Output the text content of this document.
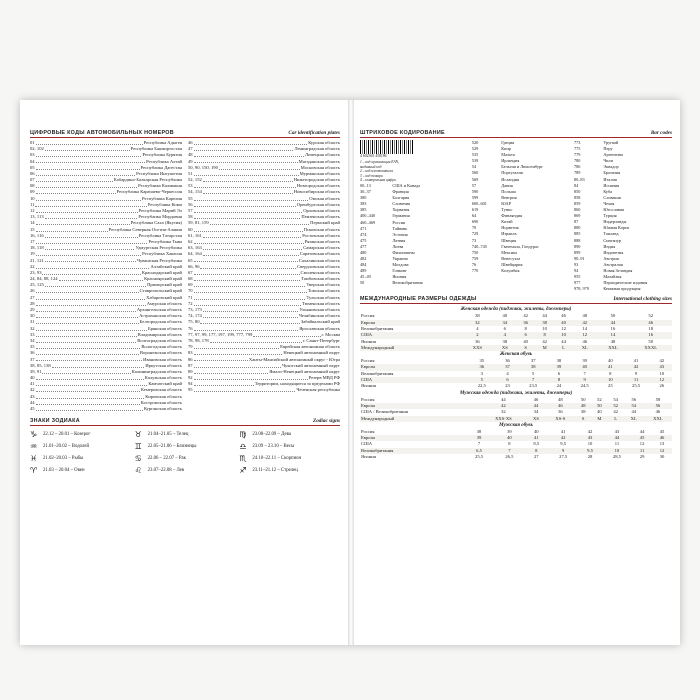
ЦИФРОВЫЕ КОДЫ АВТОМОБИЛЬНЫХ НОМЕРОВ	Car identification plates
01	Республика Адыгея
02, 102	Республика Башкортостан
03	Республика Бурятия
04	Республика Алтай
05	Республика Дагестан
06	Республика Ингушетия
07	Кабардино-Балкарская Республика
08	Республика Калмыкия
09	Республика Карачаево-Черкессия
10	Республика Карелия
11	Республика Коми
12	Республика Марий Эл
13, 113	Республика Мордовия
14	Республика Саха (Якутия)
15	Республика Северная Осетия-Алания
16, 116	Республика Татарстан
17	Республика Тыва
18, 118	Удмуртская Республика
19	Республика Хакасия
21, 121	Чувашская Республика
22	Алтайский край
23, 93	Краснодарский край
24, 84, 88, 124	Красноярский край
25, 125	Приморский край
26	Ставропольский край
27	Хабаровский край
28	Амурская область
29	Архангельская область
30	Астраханская область
31	Белгородская область
32	Брянская область
33	Владимирская область
34	Волгоградская область
35	Вологодская область
36	Воронежская область
37	Ивановская область
38, 85, 138	Иркутская область
39, 91	Калининградская область
40	Калужская область
41	Камчатский край
42	Кемеровская область
43	Кировская область
44	Костромская область
45	Курганская область
46	Курская область
47	Ленинградская область
48	Липецкая область
49	Магаданская область
50, 90, 150, 190	Московская область
51	Мурманская область
52, 152	Нижегородская область
53	Новгородская область
54, 154	Новосибирская область
55	Омская область
56	Оренбургская область
57	Орловская область
58	Пензенская область
59, 81, 159	Пермский край
60	Псковская область
61, 161	Ростовская область
62	Рязанская область
63, 163	Самарская область
64, 164	Саратовская область
65	Сахалинская область
66, 96	Свердловская область
67	Смоленская область
68	Тамбовская область
69	Тверская область
70	Томская область
71	Тульская область
72	Тюменская область
73, 173	Ульяновская область
74, 174	Челябинская область
75, 80	Забайкальский край
76	Ярославская область
77, 97, 99, 177, 197, 199, 777, 799	г. Москва
78, 98, 178	г. Санкт-Петербург
79	Еврейская автономная область
83	Ненецкий автономный округ
86	Ханты-Мансийский автономный округ - Югра
87	Чукотский автономный округ
89	Ямало-Ненецкий автономный округ
92	Резерв МВД РФ
94	Территории, находящиеся за пределами РФ
95	Чеченская республика
ЗНАКИ ЗОДИАКА	Zodiac signs
♑	22.12 – 20.01 – Козерог	♉	21.04–21.05 – Телец	♍	23.08–22.09 – Дева
♒	21.01–20.02 – Водолей	♊	22.05–21.06 – Близнецы	♎	23.09 – 23.10 – Весы
♓	21.02–20.03 – Рыбы	♋	22.06 – 22.07 – Рак	♏	24.10–22.11 – Скорпион
♈	21.03 – 20.04 – Овен	♌	23.07–22.08 – Лев	♐	23.11–21.12 – Стрелец
ШТРИХОВОЕ КОДИРОВАНИЕ	Bar codes
4 602365 458186
1 – код организации EAN,
выданный код
2 – код изготовителя
3 – код товара
4 – контрольная цифра
00–13	США и Канада
30–37	Франция
380	Болгария
383	Словения
385	Хорватия
400–440	Германия
460–469	Россия
471	Тайвань
474	Эстония
475	Латвия
477	Литва
480	Филиппины
482	Украина
484	Молдова
489	Гонконг
45–49	Япония
50	Великобритания
520	Греция
529	Кипр
535	Мальта
539	Ирландия
54	Бельгия и Люксембург
560	Португалия
569	Исландия
57	Дания
590	Польша
599	Венгрия
600–601	ЮАР
619	Тунис
64	Финляндия
690	Китай
70	Норвегия
729	Израиль
73	Швеция
740–745	Гватемала, Гондурас
750	Мексика
759	Венесуэла
76	Швейцария
770	Колумбия
773	Уругвай
775	Перу
779	Аргентина
780	Чили
786	Эквадор
789	Бразилия
80–83	Италия
84	Испания
850	Куба
858	Словакия
859	Чехия
860	Югославия
869	Турция
87	Нидерланды
880	Южная Корея
885	Таиланд
888	Сингапур
890	Индия
899	Индонезия
90–91	Австрия
93	Австралия
94	Новая Зеландия
955	Малайзия
977	Периодические издания
978, 979	Книжная продукция
МЕЖДУНАРОДНЫЕ РАЗМЕРЫ ОДЕЖДЫ	International clothing sizes
Женская одежда (пиджаки, жилеты, джемперы)
Россия	38	40	42	44	46	48	50	52
Европа	32	34	36	38	40	42	44	46
Великобритания	4	6	8	10	12	14	16	18
США	2	4	6	8	10	12	14	16
Япония	36	38	40	42	44	46	48	50
Международный	XXS	XS	S	M	L	XL	XXL	XXXL
Женская обувь
Россия	35	36	37	38	39	40	41	42
Европа	36	37	38	39	40	41	42	43
Великобритания	3	4	5	6	7	8	9	10
США	5	6	7	8	9	10	11	12
Япония	22,5	23	23,5	24	24,5	25	25,5	26
Мужская одежда (пиджаки, жилеты, джемперы)
Россия	44	46	48	50	52	54	56	58
Европа	42	44	46	48	50	52	54	56
США / Великобритания	32	34	36	38	40	42	44	46
Международный	XXS-XS	XS	XS-S	S	M	L	XL	XXL
Мужская обувь
Россия	38	39	40	41	42	43	44	45
Европа	39	40	41	42	43	44	45	46
США	7	8	8,5	9,5	10	11	12	13
Великобритания	6,5	7	8	9	9,5	10	11	12
Япония	25,5	26,5	27	27,5	28	28,5	29	30
